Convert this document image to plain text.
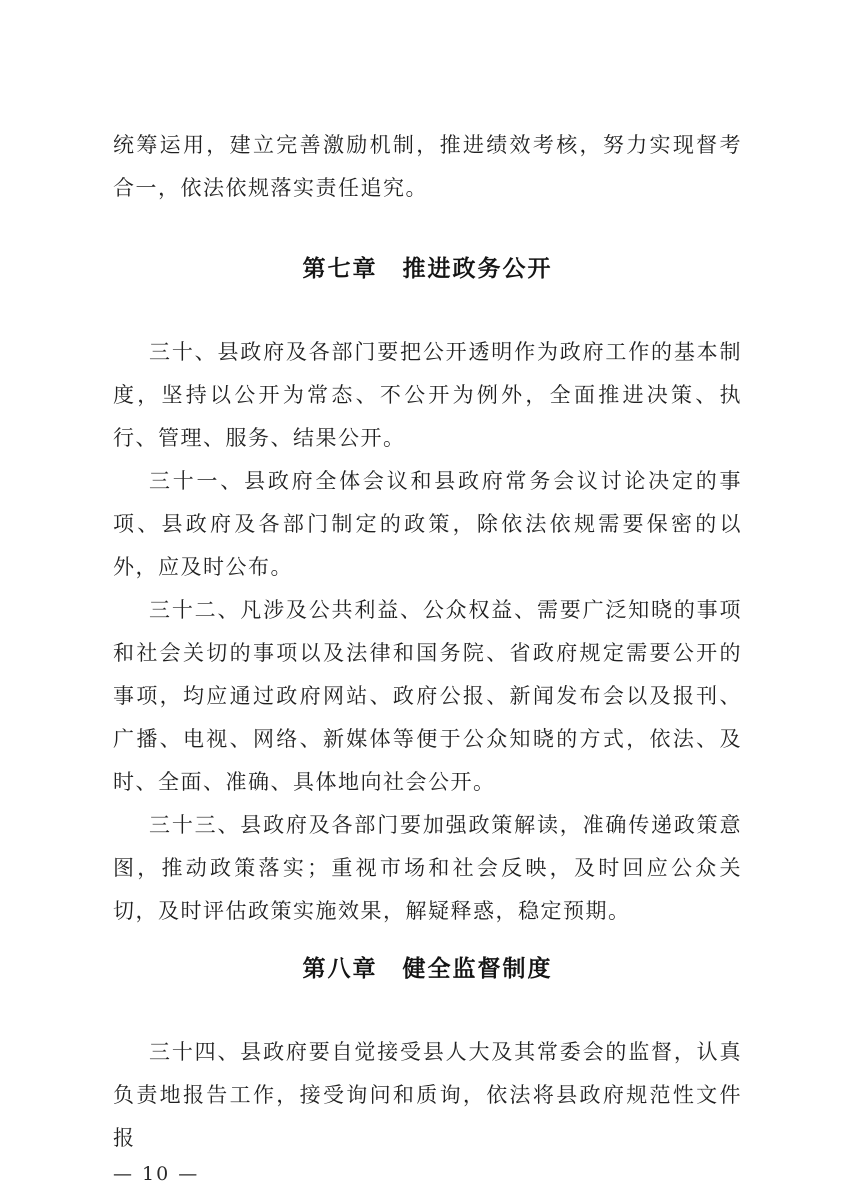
统筹运用，建立完善激励机制，推进绩效考核，努力实现督考合一，依法依规落实责任追究。

第七章　推进政务公开

三十、县政府及各部门要把公开透明作为政府工作的基本制度，坚持以公开为常态、不公开为例外，全面推进决策、执行、管理、服务、结果公开。

三十一、县政府全体会议和县政府常务会议讨论决定的事项、县政府及各部门制定的政策，除依法依规需要保密的以外，应及时公布。

三十二、凡涉及公共利益、公众权益、需要广泛知晓的事项和社会关切的事项以及法律和国务院、省政府规定需要公开的事项，均应通过政府网站、政府公报、新闻发布会以及报刊、广播、电视、网络、新媒体等便于公众知晓的方式，依法、及时、全面、准确、具体地向社会公开。

三十三、县政府及各部门要加强政策解读，准确传递政策意图，推动政策落实；重视市场和社会反映，及时回应公众关切，及时评估政策实施效果，解疑释惑，稳定预期。

第八章　健全监督制度

三十四、县政府要自觉接受县人大及其常委会的监督，认真负责地报告工作，接受询问和质询，依法将县政府规范性文件报

— 10 —
